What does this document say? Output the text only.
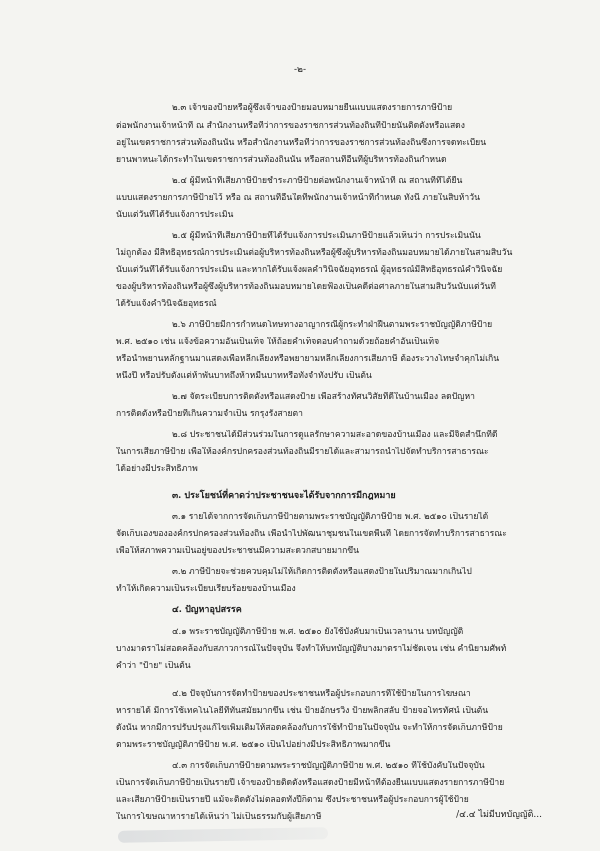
-๒-
๒.๓ เจ้าของป้ายหรือผู้ซึ่งเจ้าของป้ายมอบหมายยื่นแบบแสดงรายการภาษีป้าย
ต่อพนักงานเจ้าหน้าที่ ณ สำนักงานหรือที่ว่าการของราชการส่วนท้องถิ่นที่ป้ายนั้นติดตั้งหรือแสดง
อยู่ในเขตราชการส่วนท้องถิ่นนั้น หรือสำนักงานหรือที่ว่าการของราชการส่วนท้องถิ่นซึ่งการจดทะเบียน
ยานพาหนะได้กระทำในเขตราชการส่วนท้องถิ่นนั้น หรือสถานที่อื่นที่ผู้บริหารท้องถิ่นกำหนด
๒.๔ ผู้มีหน้าที่เสียภาษีป้ายชำระภาษีป้ายต่อพนักงานเจ้าหน้าที่ ณ สถานที่ที่ได้ยื่น
แบบแสดงรายการภาษีป้ายไว้ หรือ ณ สถานที่อื่นใดที่พนักงานเจ้าหน้าที่กำหนด ทั้งนี้ ภายในสิบห้าวัน
นับแต่วันที่ได้รับแจ้งการประเมิน
๒.๕ ผู้มีหน้าที่เสียภาษีป้ายที่ได้รับแจ้งการประเมินภาษีป้ายแล้วเห็นว่า การประเมินนั้น
ไม่ถูกต้อง มีสิทธิอุทธรณ์การประเมินต่อผู้บริหารท้องถิ่นหรือผู้ซึ่งผู้บริหารท้องถิ่นมอบหมายได้ภายในสามสิบวัน
นับแต่วันที่ได้รับแจ้งการประเมิน และหากได้รับแจ้งผลคำวินิจฉัยอุทธรณ์ ผู้อุทธรณ์มีสิทธิอุทธรณ์คำวินิจฉัย
ของผู้บริหารท้องถิ่นหรือผู้ซึ่งผู้บริหารท้องถิ่นมอบหมายโดยฟ้องเป็นคดีต่อศาลภายในสามสิบวันนับแต่วันที่
ได้รับแจ้งคำวินิจฉัยอุทธรณ์
๒.๖ ภาษีป้ายมีการกำหนดโทษทางอาญากรณีผู้กระทำฝ่าฝืนตามพระราชบัญญัติภาษีป้าย
พ.ศ. ๒๕๑๐ เช่น แจ้งข้อความอันเป็นเท็จ ให้ถ้อยคำเท็จตอบคำถามด้วยถ้อยคำอันเป็นเท็จ
หรือนำพยานหลักฐานมาแสดงเพื่อหลีกเลี่ยงหรือพยายามหลีกเลี่ยงการเสียภาษี ต้องระวางโทษจำคุกไม่เกิน
หนึ่งปี หรือปรับตั้งแต่ห้าพันบาทถึงห้าหมื่นบาทหรือทั้งจำทั้งปรับ เป็นต้น
๒.๗ จัดระเบียบการติดตั้งหรือแสดงป้าย เพื่อสร้างทัศนวิสัยที่ดีในบ้านเมือง ลดปัญหา
การติดตั้งหรือป้ายที่เกินความจำเป็น รกรุงรังสายตา
๒.๘ ประชาชนได้มีส่วนร่วมในการดูแลรักษาความสะอาดของบ้านเมือง และมีจิตสำนึกที่ดี
ในการเสียภาษีป้าย เพื่อให้องค์กรปกครองส่วนท้องถิ่นมีรายได้และสามารถนำไปจัดทำบริการสาธารณะ
ได้อย่างมีประสิทธิภาพ
๓.๑ รายได้จากการจัดเก็บภาษีป้ายตามพระราชบัญญัติภาษีป้าย พ.ศ. ๒๕๑๐ เป็นรายได้
จัดเก็บเองขององค์กรปกครองส่วนท้องถิ่น เพื่อนำไปพัฒนาชุมชนในเขตพื้นที่ โดยการจัดทำบริการสาธารณะ
เพื่อให้สภาพความเป็นอยู่ของประชาชนมีความสะดวกสบายมากขึ้น
๓.๒ ภาษีป้ายจะช่วยควบคุมไม่ให้เกิดการติดตั้งหรือแสดงป้ายในปริมาณมากเกินไป
ทำให้เกิดความเป็นระเบียบเรียบร้อยของบ้านเมือง
๔.๑ พระราชบัญญัติภาษีป้าย พ.ศ. ๒๕๑๐ ยังใช้บังคับมาเป็นเวลานาน บทบัญญัติ
บางมาตราไม่สอดคล้องกับสภาวการณ์ในปัจจุบัน จึงทำให้บทบัญญัติบางมาตราไม่ชัดเจน เช่น คำนิยามศัพท์
คำว่า "ป้าย" เป็นต้น
๔.๒ ปัจจุบันการจัดทำป้ายของประชาชนหรือผู้ประกอบการที่ใช้ป้ายในการโฆษณา
หารายได้ มีการใช้เทคโนโลยีที่ทันสมัยมากขึ้น เช่น ป้ายอักษรวิ่ง ป้ายพลิกสลับ ป้ายจอโทรทัศน์ เป็นต้น
ดังนั้น หากมีการปรับปรุงแก้ไขเพิ่มเติมให้สอดคล้องกับการใช้ทำป้ายในปัจจุบัน จะทำให้การจัดเก็บภาษีป้าย
ตามพระราชบัญญัติภาษีป้าย พ.ศ. ๒๕๑๐ เป็นไปอย่างมีประสิทธิภาพมากขึ้น
๔.๓ การจัดเก็บภาษีป้ายตามพระราชบัญญัติภาษีป้าย พ.ศ. ๒๕๑๐ ที่ใช้บังคับในปัจจุบัน
เป็นการจัดเก็บภาษีป้ายเป็นรายปี เจ้าของป้ายติดตั้งหรือแสดงป้ายมีหน้าที่ต้องยื่นแบบแสดงรายการภาษีป้าย
และเสียภาษีป้ายเป็นรายปี แม้จะติดตั้งไม่ตลอดทั้งปีก็ตาม ซึ่งประชาชนหรือผู้ประกอบการผู้ใช้ป้าย
ในการโฆษณาหารายได้เห็นว่า ไม่เป็นธรรมกับผู้เสียภาษี
๓. ประโยชน์ที่คาดว่าประชาชนจะได้รับจากการมีกฎหมาย
๔. ปัญหาอุปสรรค
/๔.๔ ไม่มีบทบัญญัติ...
